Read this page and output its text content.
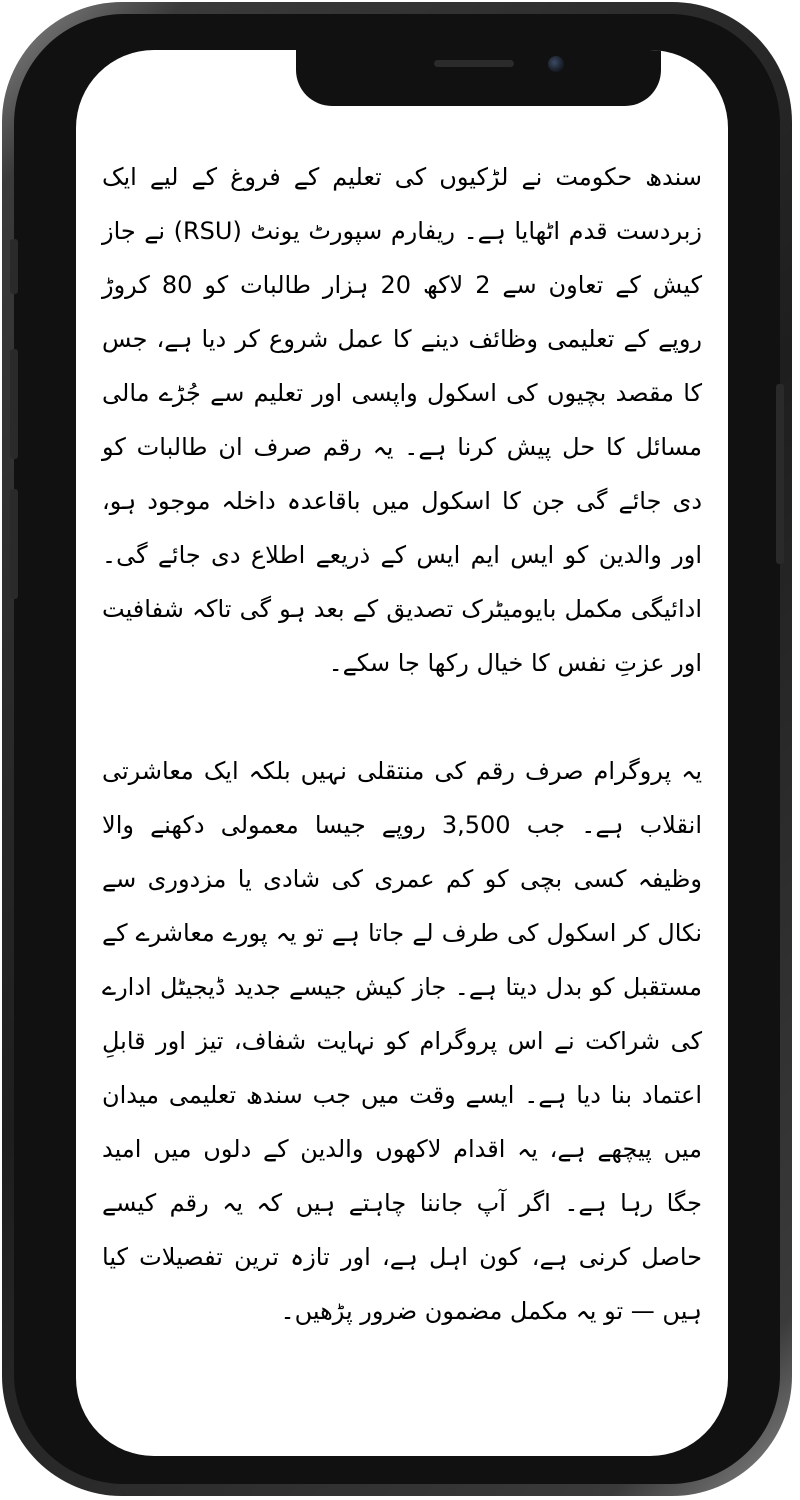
سندھ حکومت نے لڑکیوں کی تعلیم کے فروغ کے لیے ایک زبردست قدم اٹھایا ہے۔ ریفارم سپورٹ یونٹ (RSU) نے جاز کیش کے تعاون سے 2 لاکھ 20 ہزار طالبات کو 80 کروڑ روپے کے تعلیمی وظائف دینے کا عمل شروع کر دیا ہے، جس کا مقصد بچیوں کی اسکول واپسی اور تعلیم سے جُڑے مالی مسائل کا حل پیش کرنا ہے۔ یہ رقم صرف ان طالبات کو دی جائے گی جن کا اسکول میں باقاعدہ داخلہ موجود ہو، اور والدین کو ایس ایم ایس کے ذریعے اطلاع دی جائے گی۔ ادائیگی مکمل بایومیٹرک تصدیق کے بعد ہو گی تاکہ شفافیت اور عزتِ نفس کا خیال رکھا جا سکے۔

یہ پروگرام صرف رقم کی منتقلی نہیں بلکہ ایک معاشرتی انقلاب ہے۔ جب 3,500 روپے جیسا معمولی دکھنے والا وظیفہ کسی بچی کو کم عمری کی شادی یا مزدوری سے نکال کر اسکول کی طرف لے جاتا ہے تو یہ پورے معاشرے کے مستقبل کو بدل دیتا ہے۔ جاز کیش جیسے جدید ڈیجیٹل ادارے کی شراکت نے اس پروگرام کو نہایت شفاف، تیز اور قابلِ اعتماد بنا دیا ہے۔ ایسے وقت میں جب سندھ تعلیمی میدان میں پیچھے ہے، یہ اقدام لاکھوں والدین کے دلوں میں امید جگا رہا ہے۔ اگر آپ جاننا چاہتے ہیں کہ یہ رقم کیسے حاصل کرنی ہے، کون اہل ہے، اور تازہ ترین تفصیلات کیا ہیں — تو یہ مکمل مضمون ضرور پڑھیں۔
